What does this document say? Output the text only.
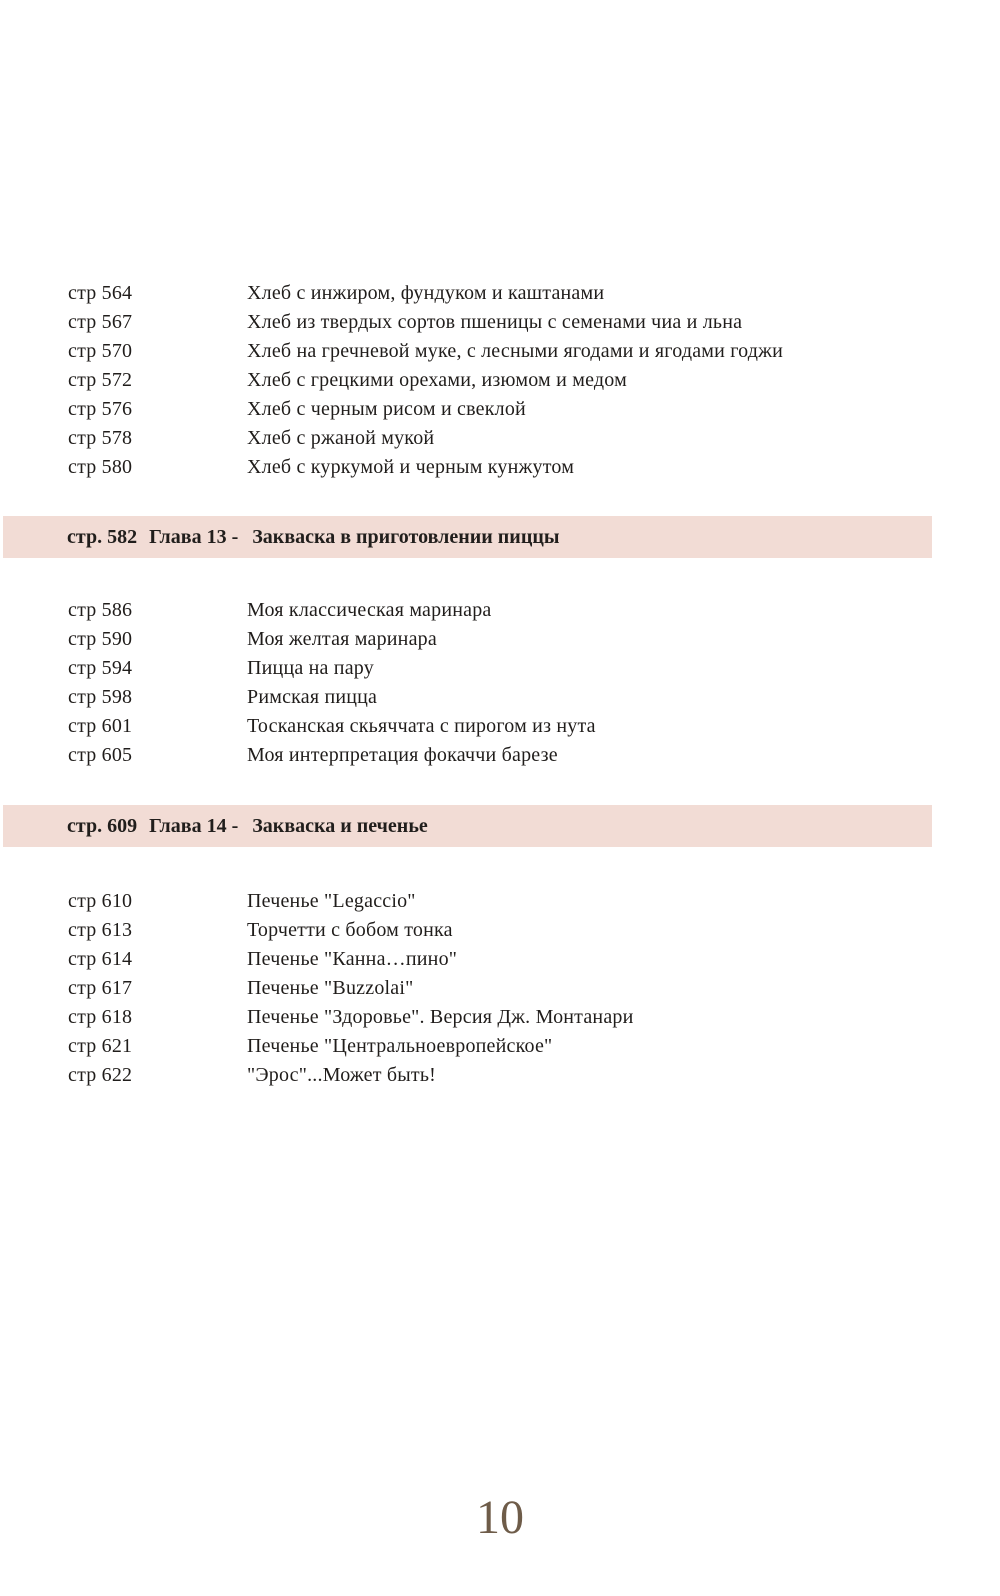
стр 564	Хлеб с инжиром, фундуком и каштанами
стр 567	Хлеб из твердых сортов пшеницы с семенами чиа и льна
стр 570	Хлеб на гречневой муке, с лесными ягодами и ягодами годжи
стр 572	Хлеб с грецкими орехами, изюмом и медом
стр 576	Хлеб с черным рисом и свеклой
стр 578	Хлеб с ржаной мукой
стр 580	Хлеб с куркумой и черным кунжутом
стр. 582 Глава 13 - Закваска в приготовлении пиццы
стр 586	Моя классическая маринара
стр 590	Моя желтая маринара
стр 594	Пицца на пару
стр 598	Римская пицца
стр 601	Тосканская скьяччата с пирогом из нута
стр 605	Моя интерпретация фокаччи барезе
стр. 609 Глава 14 - Закваска и печенье
стр 610	Печенье "Legaccio"
стр 613	Торчетти с бобом тонка
стр 614	Печенье "Канна…пино"
стр 617	Печенье "Buzzolai"
стр 618	Печенье "Здоровье". Версия Дж. Монтанари
стр 621	Печенье "Центральноевропейское"
стр 622	"Эрос"...Может быть!
10
